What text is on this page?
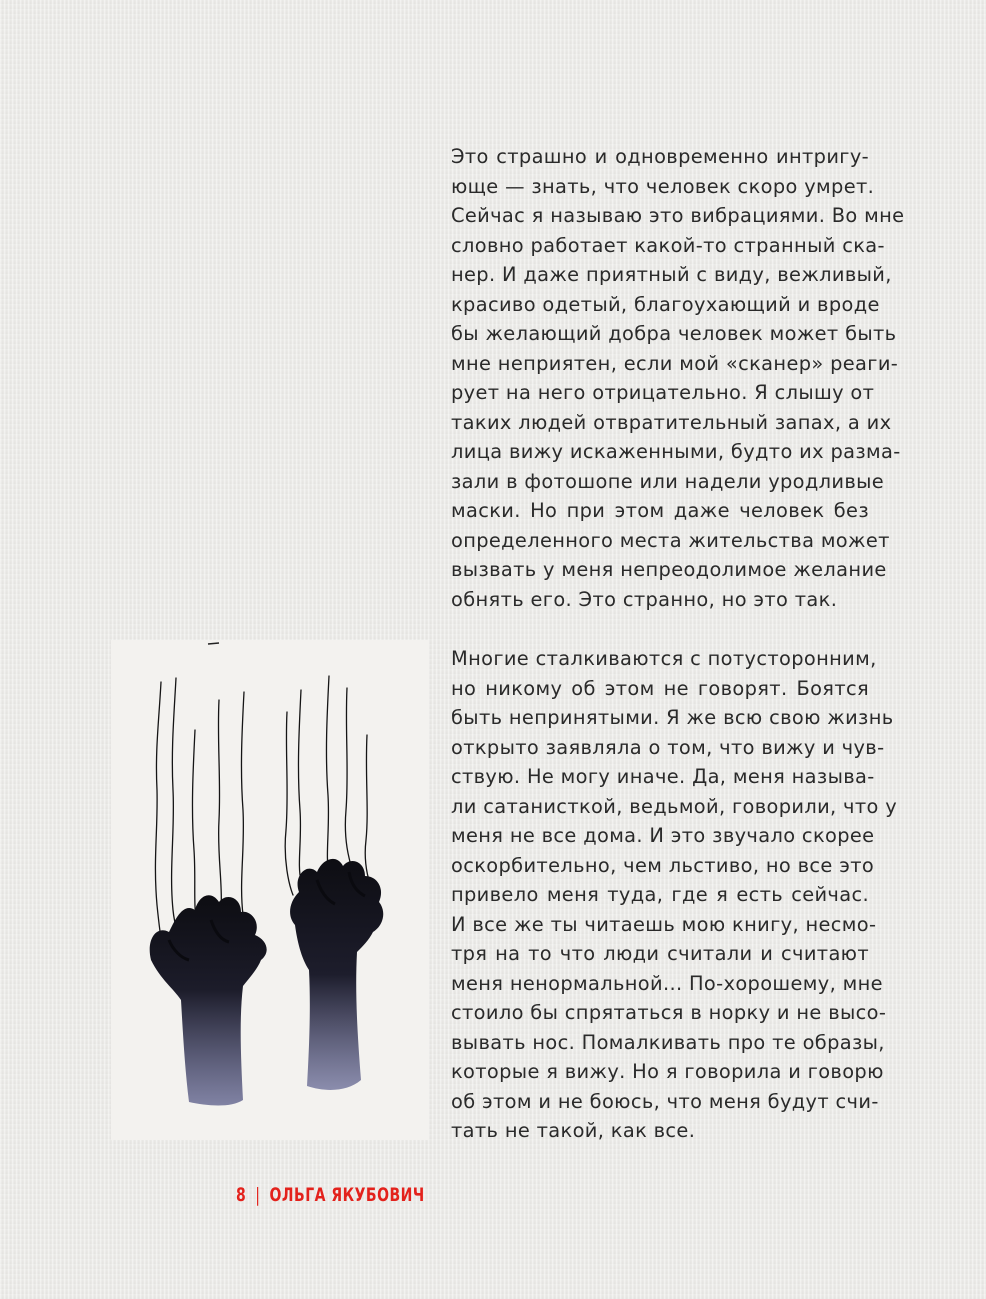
Это страшно и одновременно интригу-
юще — знать, что человек скоро умрет.
Сейчас я называю это вибрациями. Во мне
словно работает какой-то странный ска-
нер. И даже приятный с виду, вежливый,
красиво одетый, благоухающий и вроде
бы желающий добра человек может быть
мне неприятен, если мой «сканер» реаги-
рует на него отрицательно. Я слышу от
таких людей отвратительный запах, а их
лица вижу искаженными, будто их разма-
зали в фотошопе или надели уродливые
маски. Но при этом даже человек без
определенного места жительства может
вызвать у меня непреодолимое желание
обнять его. Это странно, но это так.

Многие сталкиваются с потусторонним,
но никому об этом не говорят. Боятся
быть непринятыми. Я же всю свою жизнь
открыто заявляла о том, что вижу и чув-
ствую. Не могу иначе. Да, меня называ-
ли сатанисткой, ведьмой, говорили, что у
меня не все дома. И это звучало скорее
оскорбительно, чем льстиво, но все это
привело меня туда, где я есть сейчас.
И все же ты читаешь мою книгу, несмо-
тря на то что люди считали и считают
меня ненормальной... По-хорошему, мне
стоило бы спрятаться в норку и не высо-
вывать нос. Помалкивать про те образы,
которые я вижу. Но я говорила и говорю
об этом и не боюсь, что меня будут счи-
тать не такой, как все.

8 | ОЛЬГА ЯКУБОВИЧ
